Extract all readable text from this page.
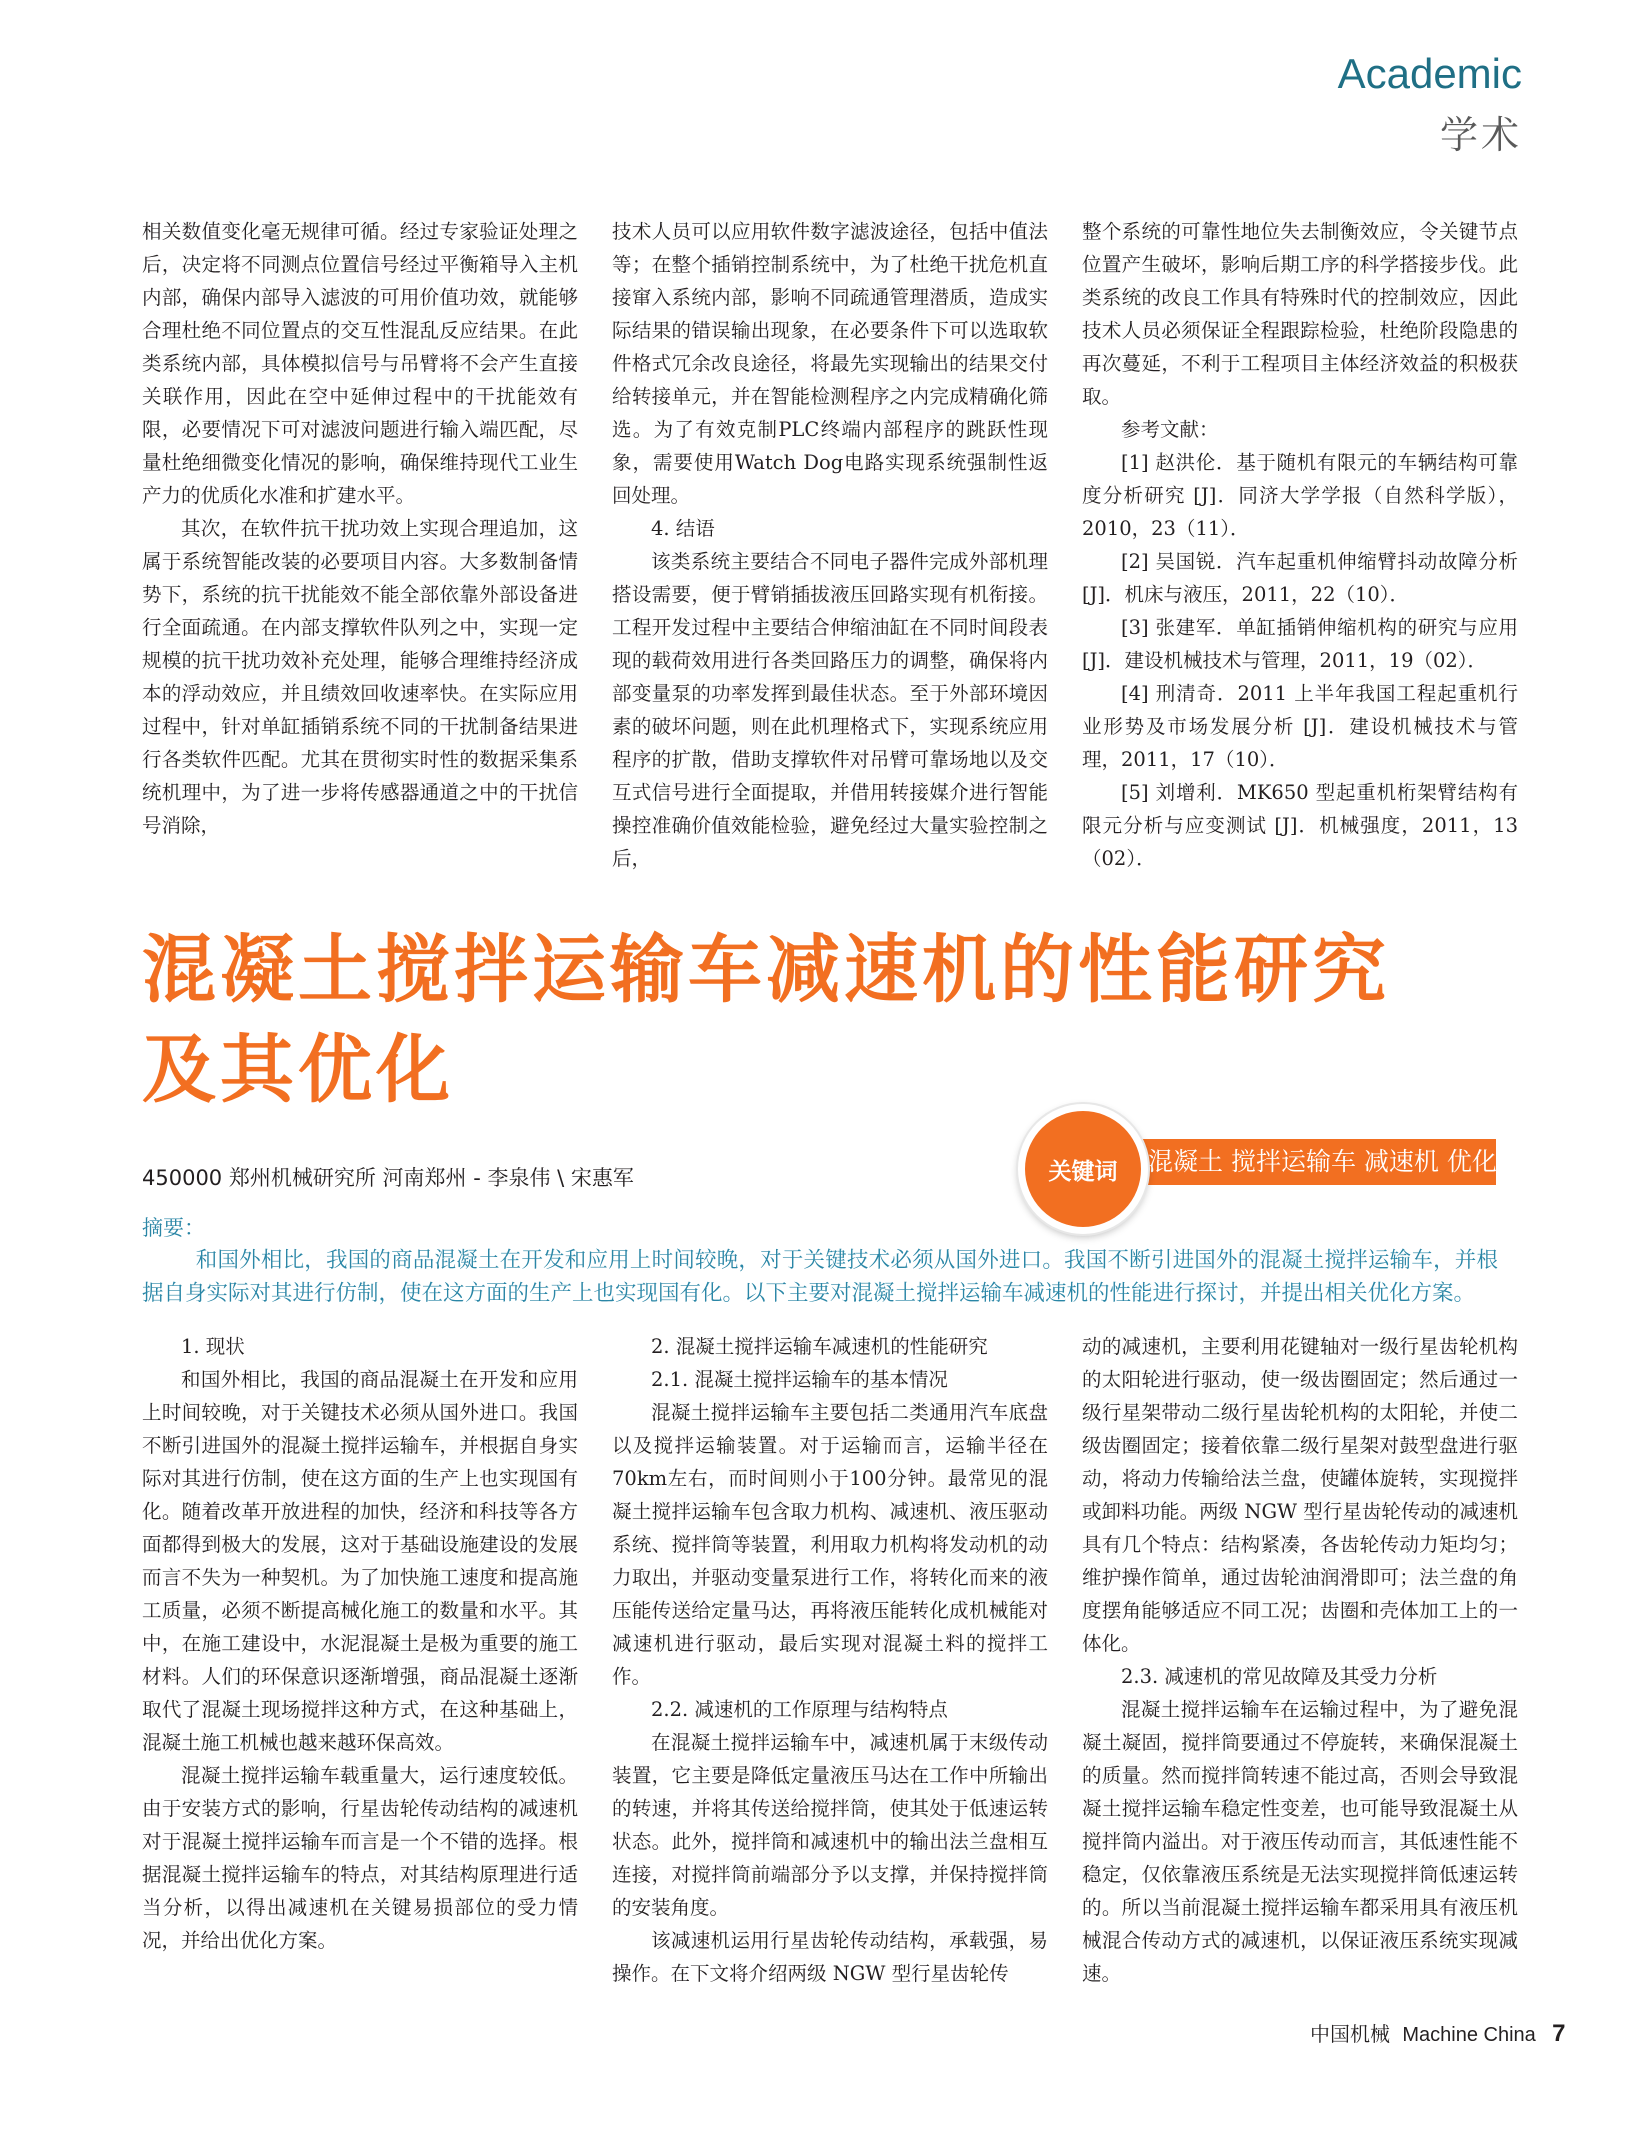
Academic
学术

相关数值变化毫无规律可循。经过专家验证处理之后，决定将不同测点位置信号经过平衡箱导入主机内部，确保内部导入滤波的可用价值功效，就能够合理杜绝不同位置点的交互性混乱反应结果。在此类系统内部，具体模拟信号与吊臂将不会产生直接关联作用，因此在空中延伸过程中的干扰能效有限，必要情况下可对滤波问题进行输入端匹配，尽量杜绝细微变化情况的影响，确保维持现代工业生产力的优质化水准和扩建水平。

其次，在软件抗干扰功效上实现合理追加，这属于系统智能改装的必要项目内容。大多数制备情势下，系统的抗干扰能效不能全部依靠外部设备进行全面疏通。在内部支撑软件队列之中，实现一定规模的抗干扰功效补充处理，能够合理维持经济成本的浮动效应，并且绩效回收速率快。在实际应用过程中，针对单缸插销系统不同的干扰制备结果进行各类软件匹配。尤其在贯彻实时性的数据采集系统机理中，为了进一步将传感器通道之中的干扰信号消除，

技术人员可以应用软件数字滤波途径，包括中值法等；在整个插销控制系统中，为了杜绝干扰危机直接窜入系统内部，影响不同疏通管理潜质，造成实际结果的错误输出现象，在必要条件下可以选取软件格式冗余改良途径，将最先实现输出的结果交付给转接单元，并在智能检测程序之内完成精确化筛选。为了有效克制PLC终端内部程序的跳跃性现象，需要使用Watch Dog电路实现系统强制性返回处理。

4. 结语

该类系统主要结合不同电子器件完成外部机理搭设需要，便于臂销插拔液压回路实现有机衔接。工程开发过程中主要结合伸缩油缸在不同时间段表现的载荷效用进行各类回路压力的调整，确保将内部变量泵的功率发挥到最佳状态。至于外部环境因素的破坏问题，则在此机理格式下，实现系统应用程序的扩散，借助支撑软件对吊臂可靠场地以及交互式信号进行全面提取，并借用转接媒介进行智能操控准确价值效能检验，避免经过大量实验控制之后，

整个系统的可靠性地位失去制衡效应，令关键节点位置产生破坏，影响后期工序的科学搭接步伐。此类系统的改良工作具有特殊时代的控制效应，因此技术人员必须保证全程跟踪检验，杜绝阶段隐患的再次蔓延，不利于工程项目主体经济效益的积极获取。

参考文献：

[1] 赵洪伦．基于随机有限元的车辆结构可靠度分析研究 [J]．同济大学学报（自然科学版），2010，23（11）．

[2] 吴国锐．汽车起重机伸缩臂抖动故障分析 [J]．机床与液压，2011，22（10）．

[3] 张建军．单缸插销伸缩机构的研究与应用 [J]．建设机械技术与管理，2011，19（02）．

[4] 刑清奇．2011 上半年我国工程起重机行业形势及市场发展分析 [J]．建设机械技术与管理，2011，17（10）．

[5] 刘增利．MK650 型起重机桁架臂结构有限元分析与应变测试 [J]．机械强度，2011，13（02）．

混凝土搅拌运输车减速机的性能研究
及其优化
450000 郑州机械研究所 河南郑州 - 李泉伟 \ 宋惠军
混凝土 搅拌运输车 减速机 优化
关键词
摘要：
和国外相比，我国的商品混凝土在开发和应用上时间较晚，对于关键技术必须从国外进口。我国不断引进国外的混凝土搅拌运输车，并根据自身实际对其进行仿制，使在这方面的生产上也实现国有化。以下主要对混凝土搅拌运输车减速机的性能进行探讨，并提出相关优化方案。

1. 现状

和国外相比，我国的商品混凝土在开发和应用上时间较晚，对于关键技术必须从国外进口。我国不断引进国外的混凝土搅拌运输车，并根据自身实际对其进行仿制，使在这方面的生产上也实现国有化。随着改革开放进程的加快，经济和科技等各方面都得到极大的发展，这对于基础设施建设的发展而言不失为一种契机。为了加快施工速度和提高施工质量，必须不断提高械化施工的数量和水平。其中，在施工建设中，水泥混凝土是极为重要的施工材料。人们的环保意识逐渐增强，商品混凝土逐渐取代了混凝土现场搅拌这种方式，在这种基础上，混凝土施工机械也越来越环保高效。

混凝土搅拌运输车载重量大，运行速度较低。由于安装方式的影响，行星齿轮传动结构的减速机对于混凝土搅拌运输车而言是一个不错的选择。根据混凝土搅拌运输车的特点，对其结构原理进行适当分析，以得出减速机在关键易损部位的受力情况，并给出优化方案。

2. 混凝土搅拌运输车减速机的性能研究

2.1. 混凝土搅拌运输车的基本情况

混凝土搅拌运输车主要包括二类通用汽车底盘以及搅拌运输装置。对于运输而言，运输半径在70km左右，而时间则小于100分钟。最常见的混凝土搅拌运输车包含取力机构、减速机、液压驱动系统、搅拌筒等装置，利用取力机构将发动机的动力取出，并驱动变量泵进行工作，将转化而来的液压能传送给定量马达，再将液压能转化成机械能对减速机进行驱动，最后实现对混凝土料的搅拌工作。

2.2. 减速机的工作原理与结构特点

在混凝土搅拌运输车中，减速机属于末级传动装置，它主要是降低定量液压马达在工作中所输出的转速，并将其传送给搅拌筒，使其处于低速运转状态。此外，搅拌筒和减速机中的输出法兰盘相互连接，对搅拌筒前端部分予以支撑，并保持搅拌筒的安装角度。

该减速机运用行星齿轮传动结构，承载强，易操作。在下文将介绍两级 NGW 型行星齿轮传

动的减速机，主要利用花键轴对一级行星齿轮机构的太阳轮进行驱动，使一级齿圈固定；然后通过一级行星架带动二级行星齿轮机构的太阳轮，并使二级齿圈固定；接着依靠二级行星架对鼓型盘进行驱动，将动力传输给法兰盘，使罐体旋转，实现搅拌或卸料功能。两级 NGW 型行星齿轮传动的减速机具有几个特点：结构紧凑，各齿轮传动力矩均匀；维护操作简单，通过齿轮油润滑即可；法兰盘的角度摆角能够适应不同工况；齿圈和壳体加工上的一体化。

2.3. 减速机的常见故障及其受力分析

混凝土搅拌运输车在运输过程中，为了避免混凝土凝固，搅拌筒要通过不停旋转，来确保混凝土的质量。然而搅拌筒转速不能过高，否则会导致混凝土搅拌运输车稳定性变差，也可能导致混凝土从搅拌筒内溢出。对于液压传动而言，其低速性能不稳定，仅依靠液压系统是无法实现搅拌筒低速运转的。所以当前混凝土搅拌运输车都采用具有液压机械混合传动方式的减速机，以保证液压系统实现减速。

中国机械 Machine China 7
